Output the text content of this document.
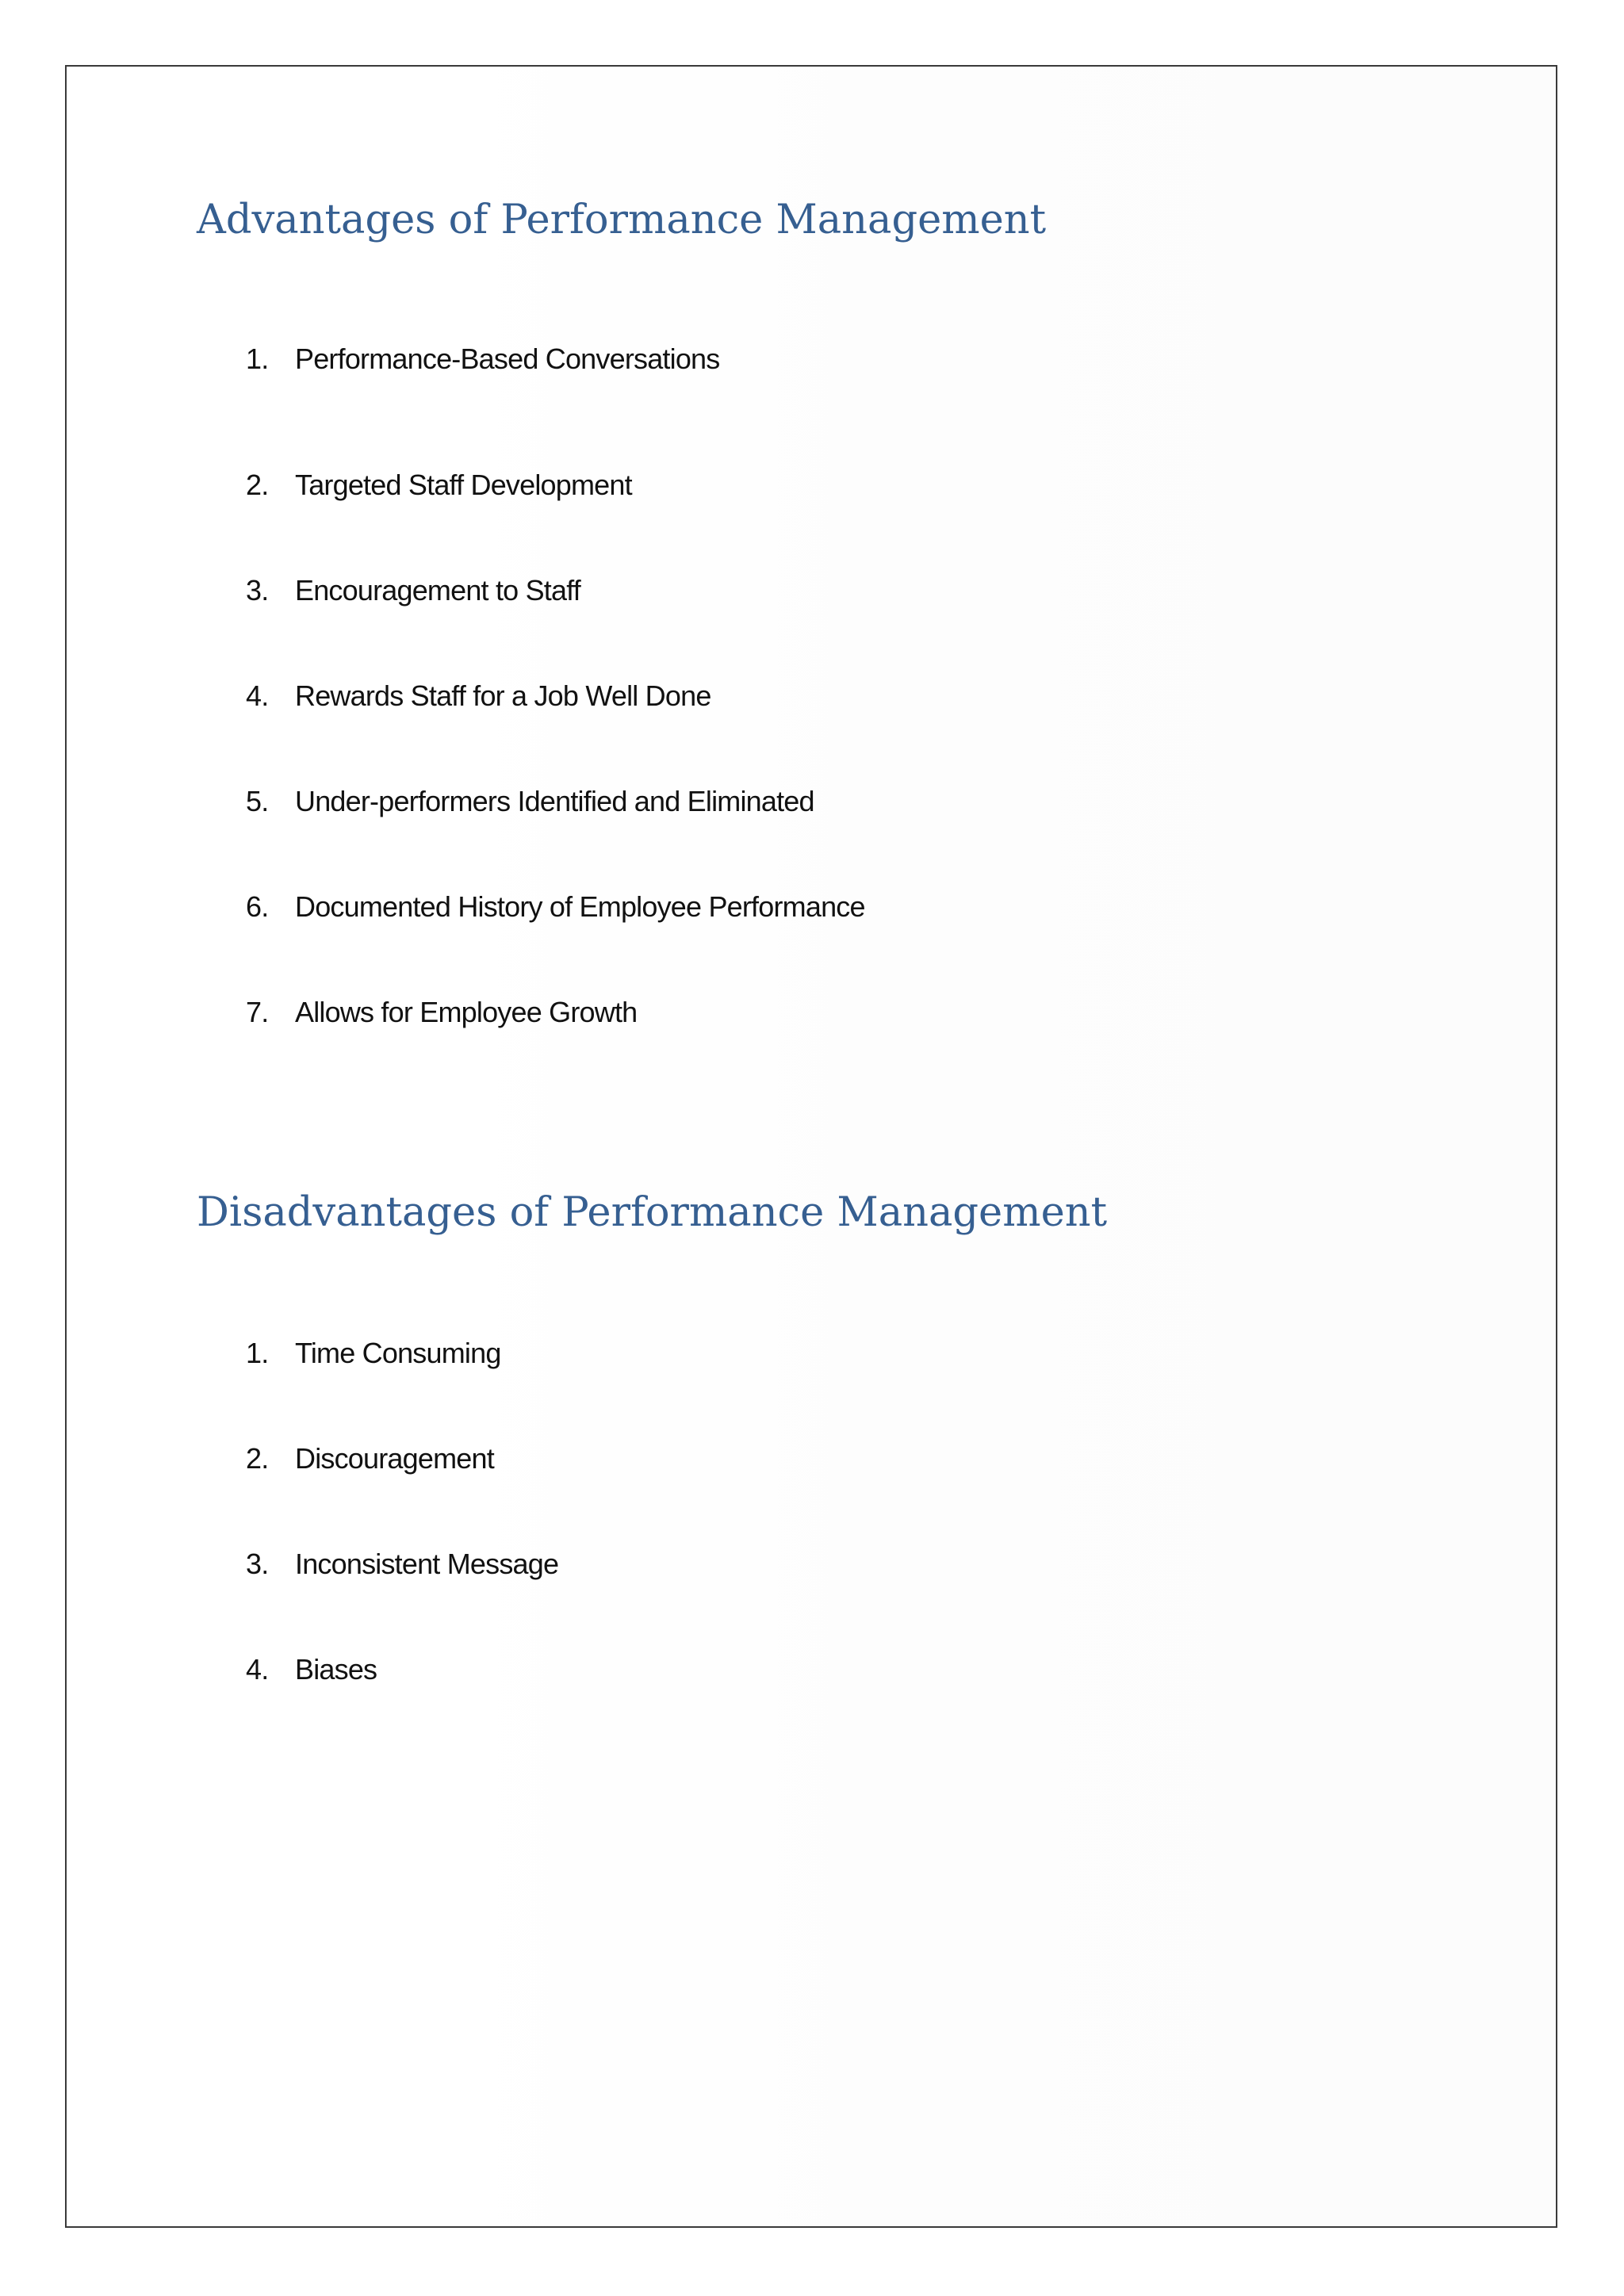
Advantages of Performance Management
1. Performance-Based Conversations
2. Targeted Staff Development
3. Encouragement to Staff
4. Rewards Staff for a Job Well Done
5. Under-performers Identified and Eliminated
6. Documented History of Employee Performance
7. Allows for Employee Growth
Disadvantages of Performance Management
1. Time Consuming
2. Discouragement
3. Inconsistent Message
4. Biases
